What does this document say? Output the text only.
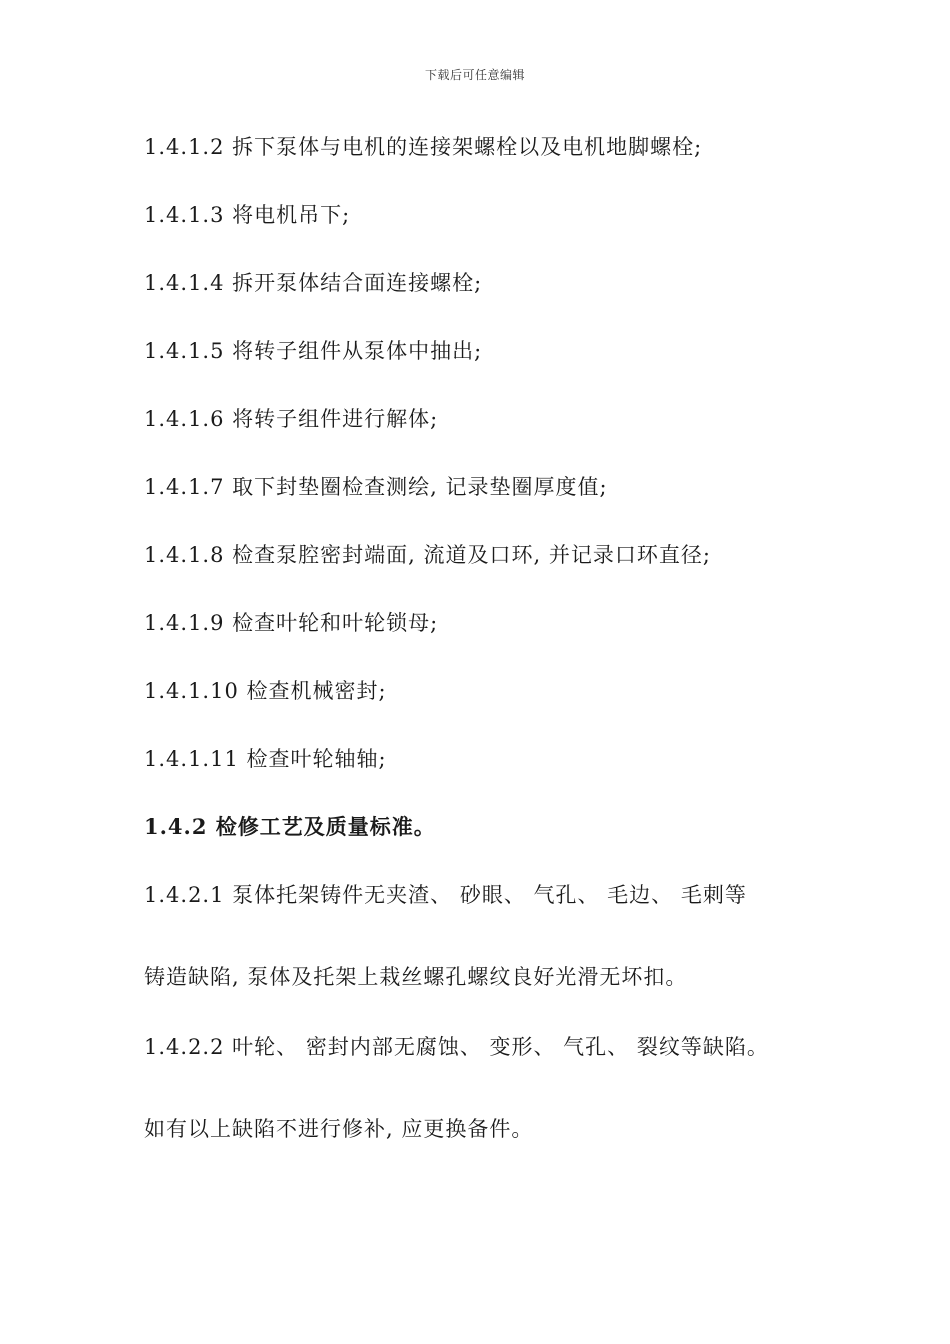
下载后可任意编辑
1.4.1.2 拆下泵体与电机的连接架螺栓以及电机地脚螺栓;
1.4.1.3 将电机吊下;
1.4.1.4 拆开泵体结合面连接螺栓;
1.4.1.5 将转子组件从泵体中抽出;
1.4.1.6 将转子组件进行解体;
1.4.1.7 取下封垫圈检查测绘, 记录垫圈厚度值;
1.4.1.8 检查泵腔密封端面, 流道及口环, 并记录口环直径;
1.4.1.9 检查叶轮和叶轮锁母;
1.4.1.10 检查机械密封;
1.4.1.11 检查叶轮轴轴;
1.4.2 检修工艺及质量标准。
1.4.2.1 泵体托架铸件无夹渣、 砂眼、 气孔、 毛边、 毛刺等
铸造缺陷, 泵体及托架上栽丝螺孔螺纹良好光滑无坏扣。
1.4.2.2 叶轮、 密封内部无腐蚀、 变形、 气孔、 裂纹等缺陷。
如有以上缺陷不进行修补, 应更换备件。
